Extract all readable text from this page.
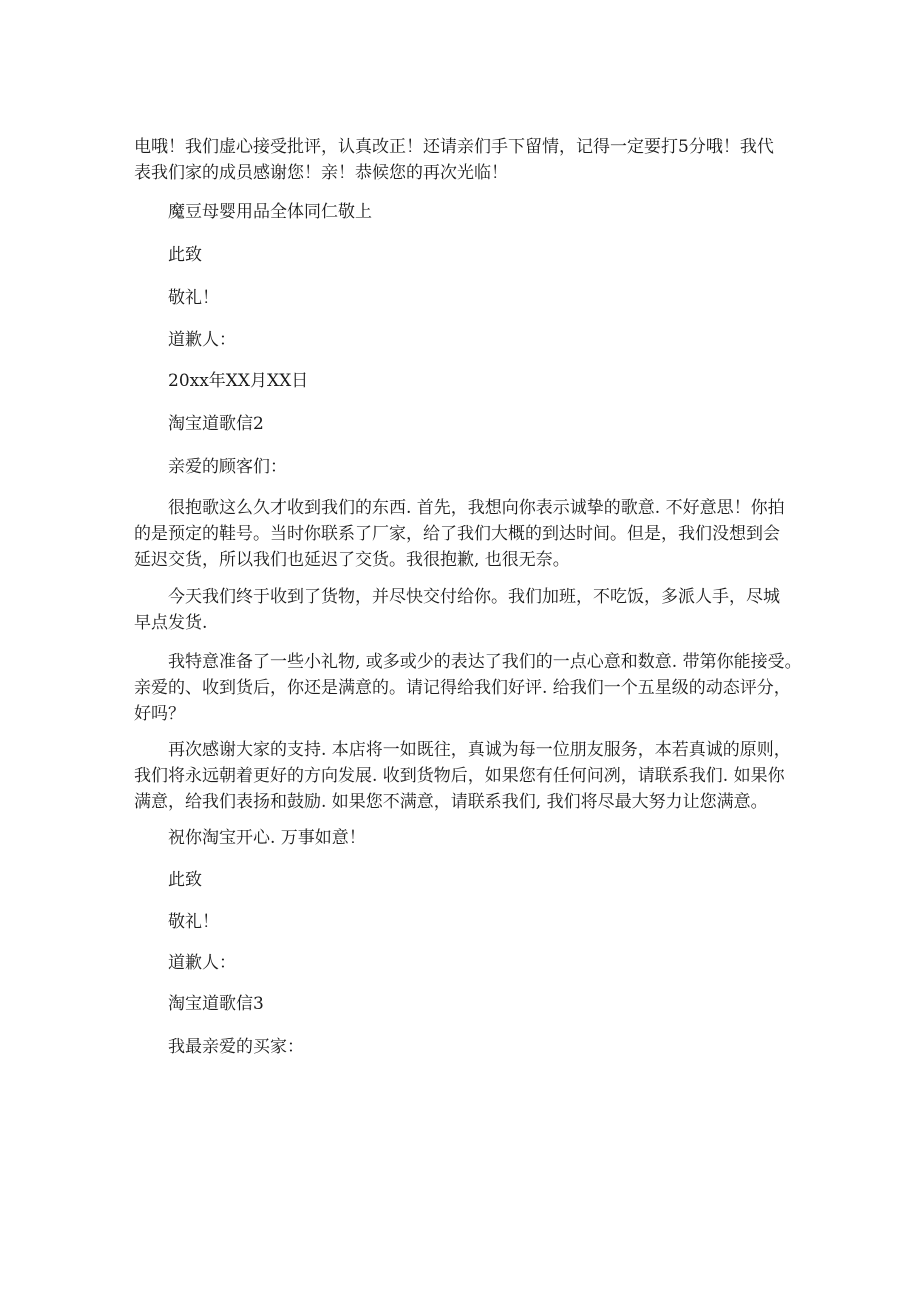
电哦！我们虚心接受批评，认真改正！还请亲们手下留情，记得一定要打5分哦！我代
表我们家的成员感谢您！亲！恭候您的再次光临！

魔豆母婴用品全体同仁敬上

此致

敬礼！

道歉人：

20xx年XX月XX日

淘宝道歌信2

亲爱的顾客们：

很抱歌这么久才收到我们的东西. 首先，我想向你表示诚挚的歌意. 不好意思！你拍
的是预定的鞋号。当时你联系了厂家，给了我们大概的到达时间。但是，我们没想到会
延迟交货，所以我们也延迟了交货。我很抱歉, 也很无奈。

今天我们终于收到了货物，并尽快交付给你。我们加班，不吃饭，多派人手，尽城
早点发货.

我特意准备了一些小礼物, 或多或少的表达了我们的一点心意和数意. 带第你能接受。
亲爱的、收到货后，你还是满意的。请记得给我们好评. 给我们一个五星级的动态评分，
好吗？

再次感谢大家的支持. 本店将一如既往，真诚为每一位朋友服务，本若真诚的原则，
我们将永远朝着更好的方向发展. 收到货物后，如果您有任何问冽，请联系我们. 如果你
满意，给我们表扬和鼓励. 如果您不满意，请联系我们, 我们将尽最大努力让您满意。

祝你淘宝开心. 万事如意！

此致

敬礼！

道歉人：

淘宝道歌信3

我最亲爱的买家：
